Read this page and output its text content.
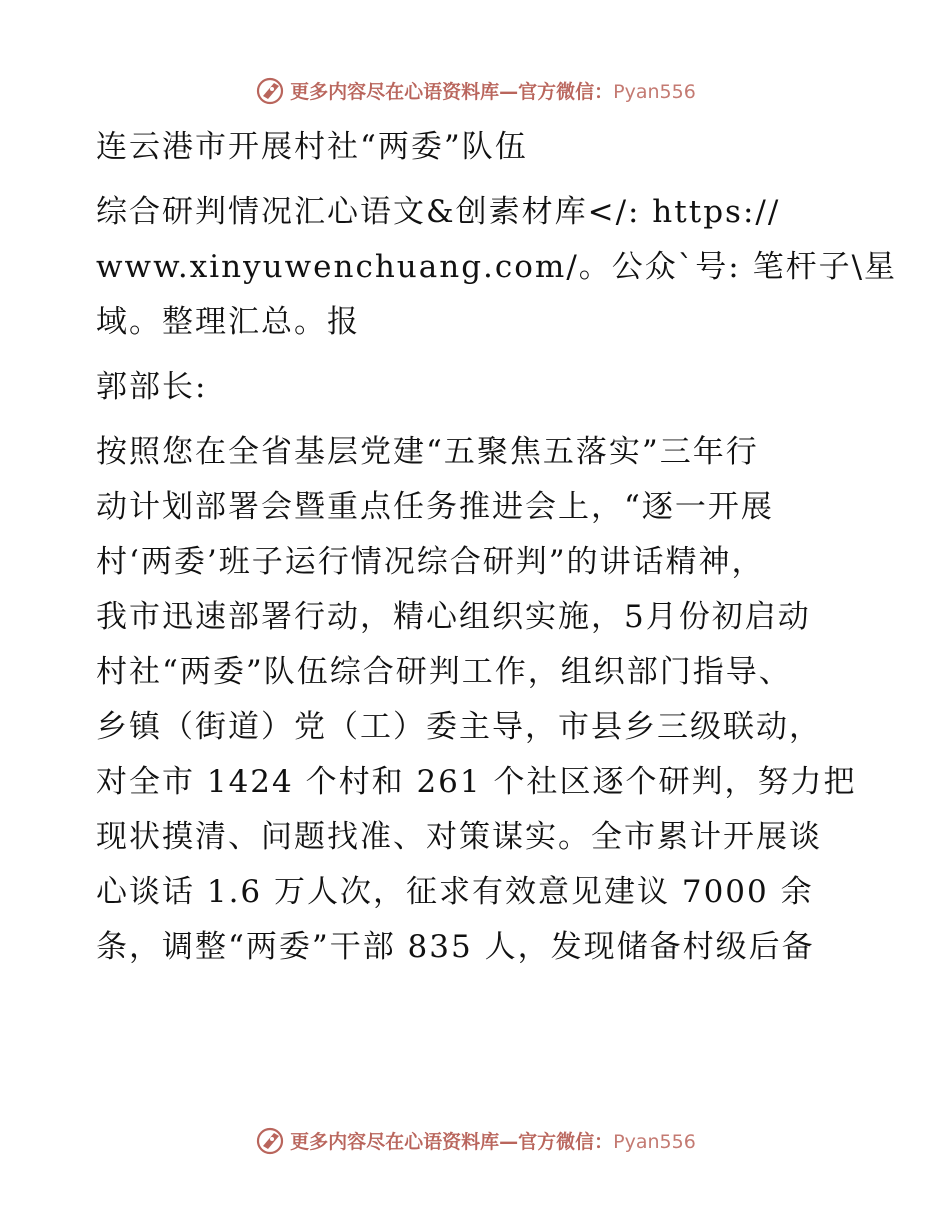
更多内容尽在心语资料库—官方微信：Pyan556
连云港市开展村社“两委”队伍
综合研判情况汇心语文&创素材库</: https://
www.xinyuwenchuang.com/。公众`号: 笔杆子\星
域。整理汇总。报
郭部长:
按照您在全省基层党建“五聚焦五落实”三年行
动计划部署会暨重点任务推进会上，“逐一开展
村‘两委’班子运行情况综合研判”的讲话精神，
我市迅速部署行动，精心组织实施，5月份初启动
村社“两委”队伍综合研判工作，组织部门指导、
乡镇（街道）党（工）委主导，市县乡三级联动，
对全市 1424 个村和 261 个社区逐个研判，努力把
现状摸清、问题找准、对策谋实。全市累计开展谈
心谈话 1.6 万人次，征求有效意见建议 7000 余
条，调整“两委”干部 835 人，发现储备村级后备
更多内容尽在心语资料库—官方微信：Pyan556
